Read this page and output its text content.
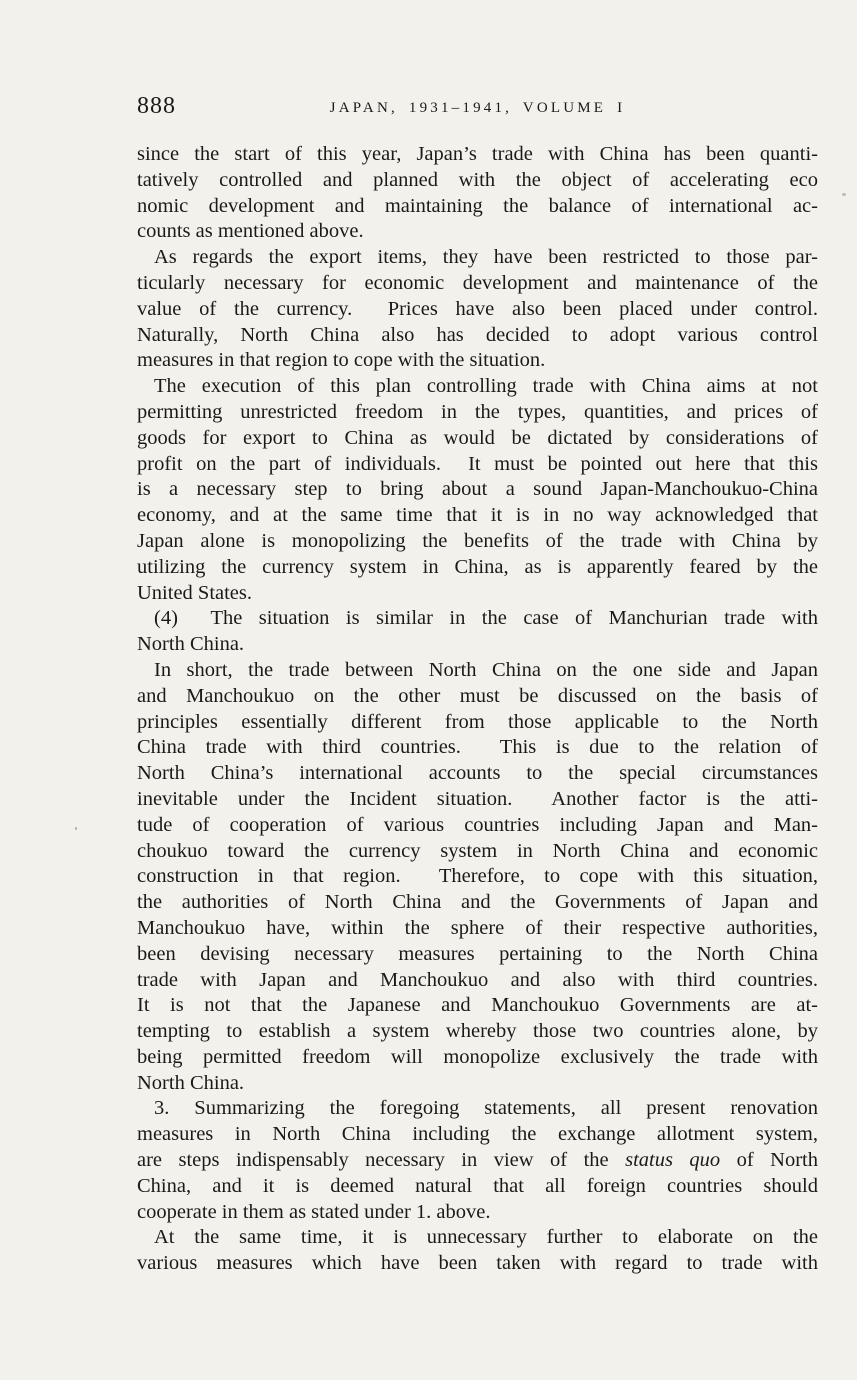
888	JAPAN, 1931–1941, VOLUME I

since the start of this year, Japan’s trade with China has been quanti-
tatively controlled and planned with the object of accelerating eco
nomic development and maintaining the balance of international ac-
counts as mentioned above.

As regards the export items, they have been restricted to those par-
ticularly necessary for economic development and maintenance of the
value of the currency.  Prices have also been placed under control.
Naturally, North China also has decided to adopt various control
measures in that region to cope with the situation.

The execution of this plan controlling trade with China aims at not
permitting unrestricted freedom in the types, quantities, and prices of
goods for export to China as would be dictated by considerations of
profit on the part of individuals.  It must be pointed out here that this
is a necessary step to bring about a sound Japan-Manchoukuo-China
economy, and at the same time that it is in no way acknowledged that
Japan alone is monopolizing the benefits of the trade with China by
utilizing the currency system in China, as is apparently feared by the
United States.

(4)  The situation is similar in the case of Manchurian trade with
North China.

In short, the trade between North China on the one side and Japan
and Manchoukuo on the other must be discussed on the basis of
principles essentially different from those applicable to the North
China trade with third countries.  This is due to the relation of
North China’s international accounts to the special circumstances
inevitable under the Incident situation.  Another factor is the atti-
tude of cooperation of various countries including Japan and Man-
choukuo toward the currency system in North China and economic
construction in that region.  Therefore, to cope with this situation,
the authorities of North China and the Governments of Japan and
Manchoukuo have, within the sphere of their respective authorities,
been devising necessary measures pertaining to the North China
trade with Japan and Manchoukuo and also with third countries.
It is not that the Japanese and Manchoukuo Governments are at-
tempting to establish a system whereby those two countries alone, by
being permitted freedom will monopolize exclusively the trade with
North China.

3. Summarizing the foregoing statements, all present renovation
measures in North China including the exchange allotment system,
are steps indispensably necessary in view of the status quo of North
China, and it is deemed natural that all foreign countries should
cooperate in them as stated under 1. above.

At the same time, it is unnecessary further to elaborate on the
various measures which have been taken with regard to trade with
